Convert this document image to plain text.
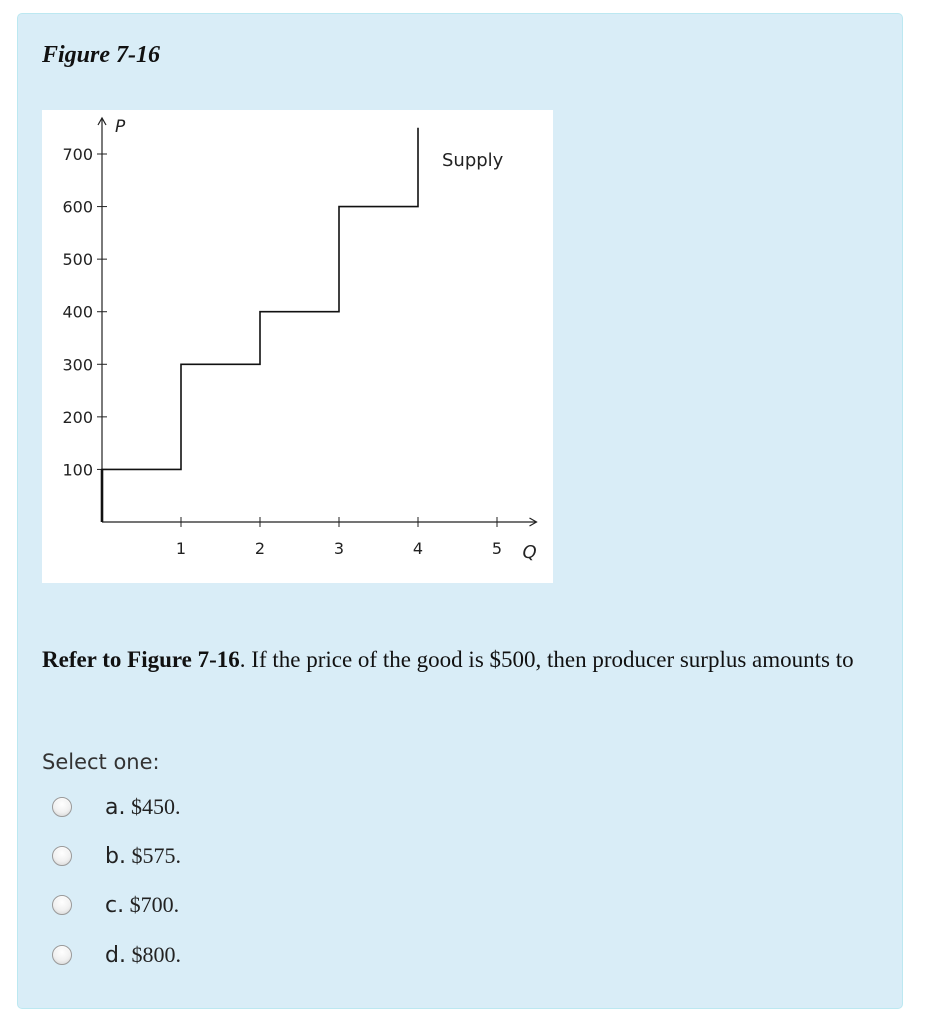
Figure 7-16
P
Q
100
200
300
400
500
600
700
1	2	3	4	5
Supply

Refer to Figure 7-16. If the price of the good is $500, then producer surplus amounts to

Select one:

a. $450.
b. $575.
c. $700.
d. $800.
